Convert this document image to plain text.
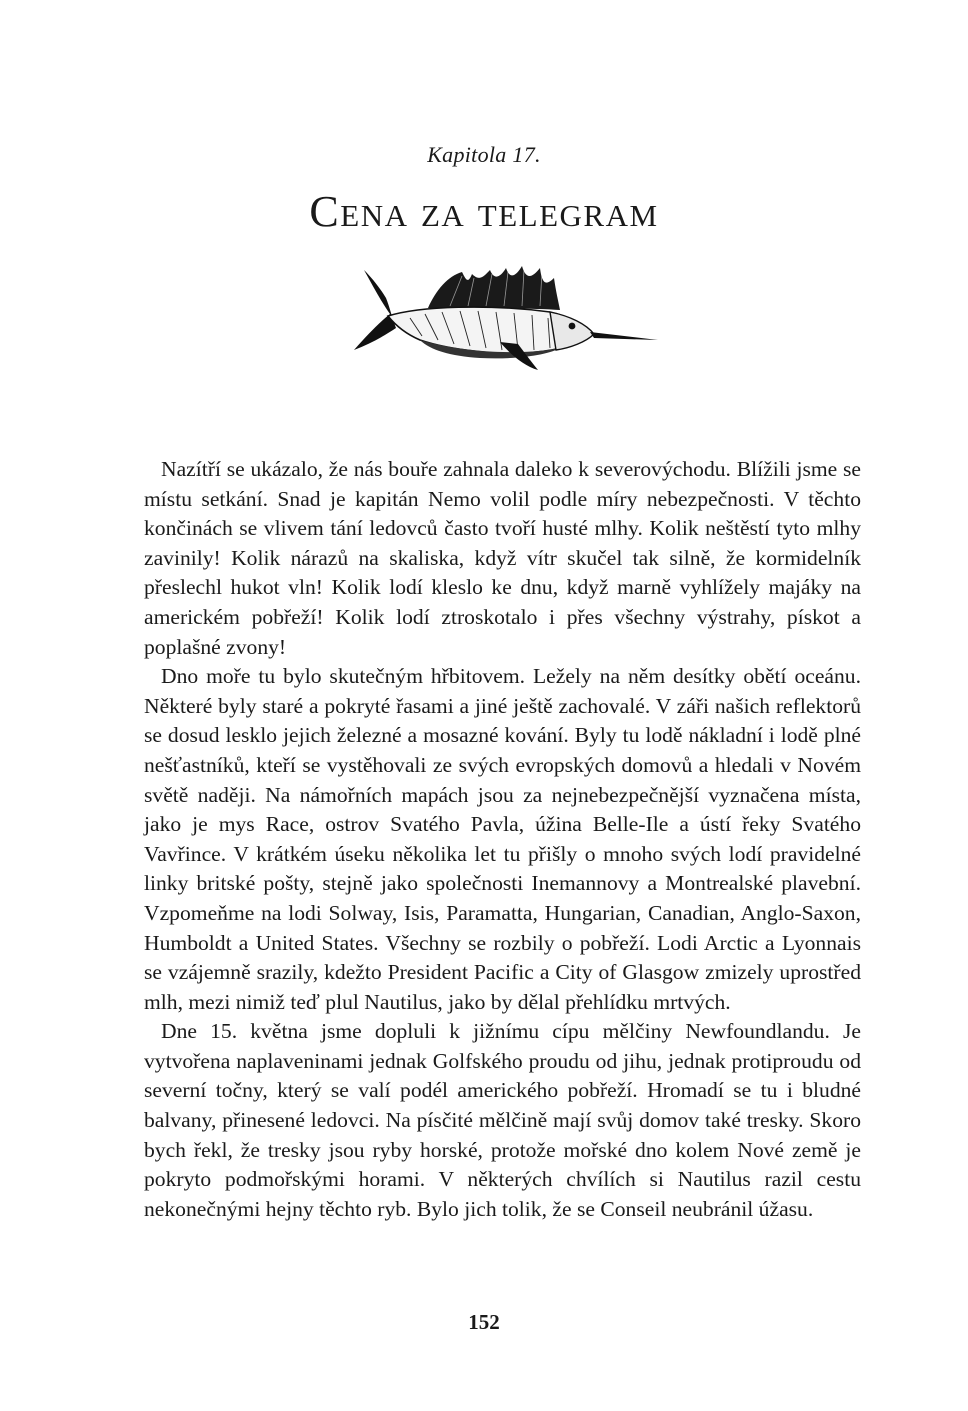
Kapitola 17.
Cena za telegram

Nazítří se ukázalo, že nás bouře zahnala daleko k severovýchodu. Blížili jsme se místu setkání. Snad je kapitán Nemo volil podle míry nebezpečnosti. V těchto končinách se vlivem tání ledovců často tvoří husté mlhy. Kolik neštěstí tyto mlhy zavinily! Kolik nárazů na skaliska, když vítr skučel tak silně, že kormidelník přeslechl hukot vln! Kolik lodí kleslo ke dnu, když marně vyhlížely majáky na americkém pobřeží! Kolik lodí ztroskotalo i přes všechny výstrahy, pískot a poplašné zvony!

Dno moře tu bylo skutečným hřbitovem. Ležely na něm desítky obětí oceánu. Některé byly staré a pokryté řasami a jiné ještě zachovalé. V záři našich reflektorů se dosud lesklo jejich železné a mosazné kování. Byly tu lodě nákladní i lodě plné nešťastníků, kteří se vystěhovali ze svých evropských domovů a hledali v Novém světě naději. Na námořních mapách jsou za nejnebezpečnější vyznačena místa, jako je mys Race, ostrov Svatého Pavla, úžina Belle-Ile a ústí řeky Svatého Vavřince. V krátkém úseku několika let tu přišly o mnoho svých lodí pravidelné linky britské pošty, stejně jako společnosti Inemannovy a Montrealské plavební. Vzpomeňme na lodi Solway, Isis, Paramatta, Hungarian, Canadian, Anglo-Saxon, Humboldt a United States. Všechny se rozbily o pobřeží. Lodi Arctic a Lyonnais se vzájemně srazily, kdežto President Pacific a City of Glasgow zmizely uprostřed mlh, mezi nimiž teď plul Nautilus, jako by dělal přehlídku mrtvých.

Dne 15. května jsme dopluli k jižnímu cípu mělčiny Newfoundlandu. Je vytvořena naplaveninami jednak Golfského proudu od jihu, jednak protiproudu od severní točny, který se valí podél amerického pobřeží. Hromadí se tu i bludné balvany, přinesené ledovci. Na písčité mělčině mají svůj domov také tresky. Skoro bych řekl, že tresky jsou ryby horské, protože mořské dno kolem Nové země je pokryto podmořskými horami. V některých chvílích si Nautilus razil cestu nekonečnými hejny těchto ryb. Bylo jich tolik, že se Conseil neubránil úžasu.

152
